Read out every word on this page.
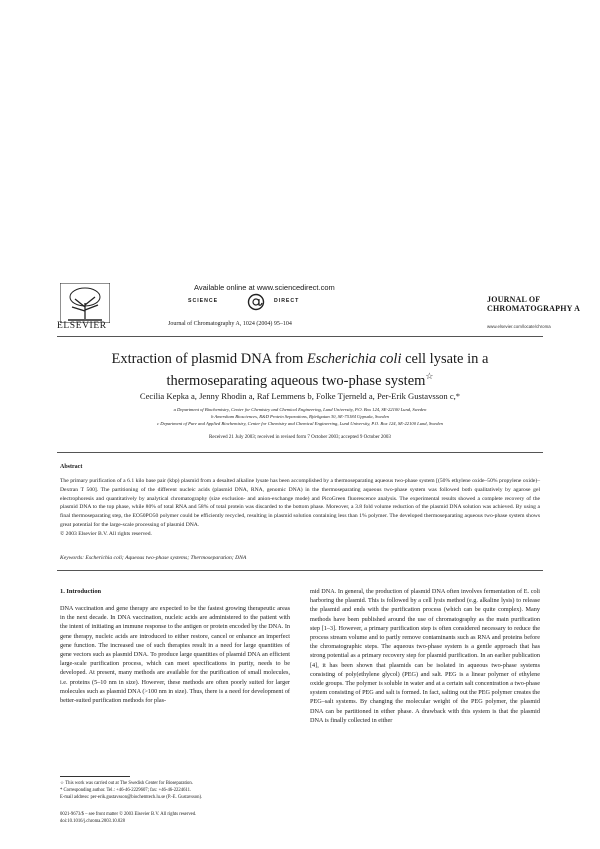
ELSEVIER
Available online at www.sciencedirect.com
SCIENCE	DIRECT
Journal of Chromatography A, 1024 (2004) 95–104
JOURNAL OF CHROMATOGRAPHY A
www.elsevier.com/locate/chroma
Extraction of plasmid DNA from Escherichia coli cell lysate in a thermoseparating aqueous two-phase system☆
Cecilia Kepka a, Jenny Rhodin a, Raf Lemmens b, Folke Tjerneld a, Per-Erik Gustavsson c,*
a Department of Biochemistry, Center for Chemistry and Chemical Engineering, Lund University, P.O. Box 124, SE-22100 Lund, Sweden
b Amersham Biosciences, R&D Protein Separations, Björkgatan 30, SE-75184 Uppsala, Sweden
c Department of Pure and Applied Biochemistry, Center for Chemistry and Chemical Engineering, Lund University, P.O. Box 124, SE-22100 Lund, Sweden
Received 21 July 2003; received in revised form 7 October 2003; accepted 9 October 2003
Abstract
The primary purification of a 6.1 kilo base pair (kbp) plasmid from a desalted alkaline lysate has been accomplished by a thermoseparating aqueous two-phase system [(50% ethylene oxide–50% propylene oxide)–Dextran T 500]. The partitioning of the different nucleic acids (plasmid DNA, RNA, genomic DNA) in the thermoseparating aqueous two-phase system was followed both qualitatively by agarose gel electrophoresis and quantitatively by analytical chromatography (size exclusion- and anion-exchange mode) and PicoGreen fluorescence analysis. The experimental results showed a complete recovery of the plasmid DNA to the top phase, while 80% of total RNA and 58% of total protein was discarded to the bottom phase. Moreover, a 3.8 fold volume reduction of the plasmid DNA solution was achieved. By using a final thermoseparating step, the EO50PO50 polymer could be efficiently recycled, resulting in plasmid solution containing less than 1% polymer. The developed thermoseparating aqueous two-phase system shows great potential for the large-scale processing of plasmid DNA.
© 2003 Elsevier B.V. All rights reserved.
Keywords: Escherichia coli; Aqueous two-phase systems; Thermoseparation; DNA
1. Introduction
DNA vaccination and gene therapy are expected to be the fastest growing therapeutic areas in the next decade. In DNA vaccination, nucleic acids are administered to the patient with the intent of initiating an immune response to the antigen or protein encoded by the DNA. In gene therapy, nucleic acids are introduced to either restore, cancel or enhance an imperfect gene function. The increased use of such therapies result in a need for large quantities of gene vectors such as plasmid DNA. To produce large quantities of plasmid DNA an efficient large-scale purification process, which can meet specifications in purity, needs to be developed. At present, many methods are available for the purification of small molecules, i.e. proteins (5–10 nm in size). However, these methods are often poorly suited for larger molecules such as plasmid DNA (>100 nm in size). Thus, there is a need for development of better-suited purification methods for plas-
mid DNA. In general, the production of plasmid DNA often involves fermentation of E. coli harboring the plasmid. This is followed by a cell lysis method (e.g. alkaline lysis) to release the plasmid and ends with the purification process (which can be quite complex). Many methods have been published around the use of chromatography as the main purification step [1–3]. However, a primary purification step is often considered necessary to reduce the process stream volume and to partly remove contaminants such as RNA and proteins before the chromatographic steps. The aqueous two-phase system is a gentle approach that has strong potential as a primary recovery step for plasmid purification. In an earlier publication [4], it has been shown that plasmids can be isolated in aqueous two-phase systems consisting of poly(ethylene glycol) (PEG) and salt. PEG is a linear polymer of ethylene oxide groups. The polymer is soluble in water and at a certain salt concentration a two-phase system consisting of PEG and salt is formed. In fact, salting out the PEG polymer creates the PEG–salt systems. By changing the molecular weight of the PEG polymer, the plasmid DNA can be partitioned in either phase. A drawback with this system is that the plasmid DNA is finally collected in either
☆ This work was carried out at The Swedish Center for Bioseparation.
* Corresponding author. Tel.: +46-46-2229607; fax: +46-46-2224611.
E-mail address: per-erik.gustavsson@biochemtech.lu.se (P.-E. Gustavsson).
0021-9673/$ – see front matter © 2003 Elsevier B.V. All rights reserved.
doi:10.1016/j.chroma.2003.10.028
